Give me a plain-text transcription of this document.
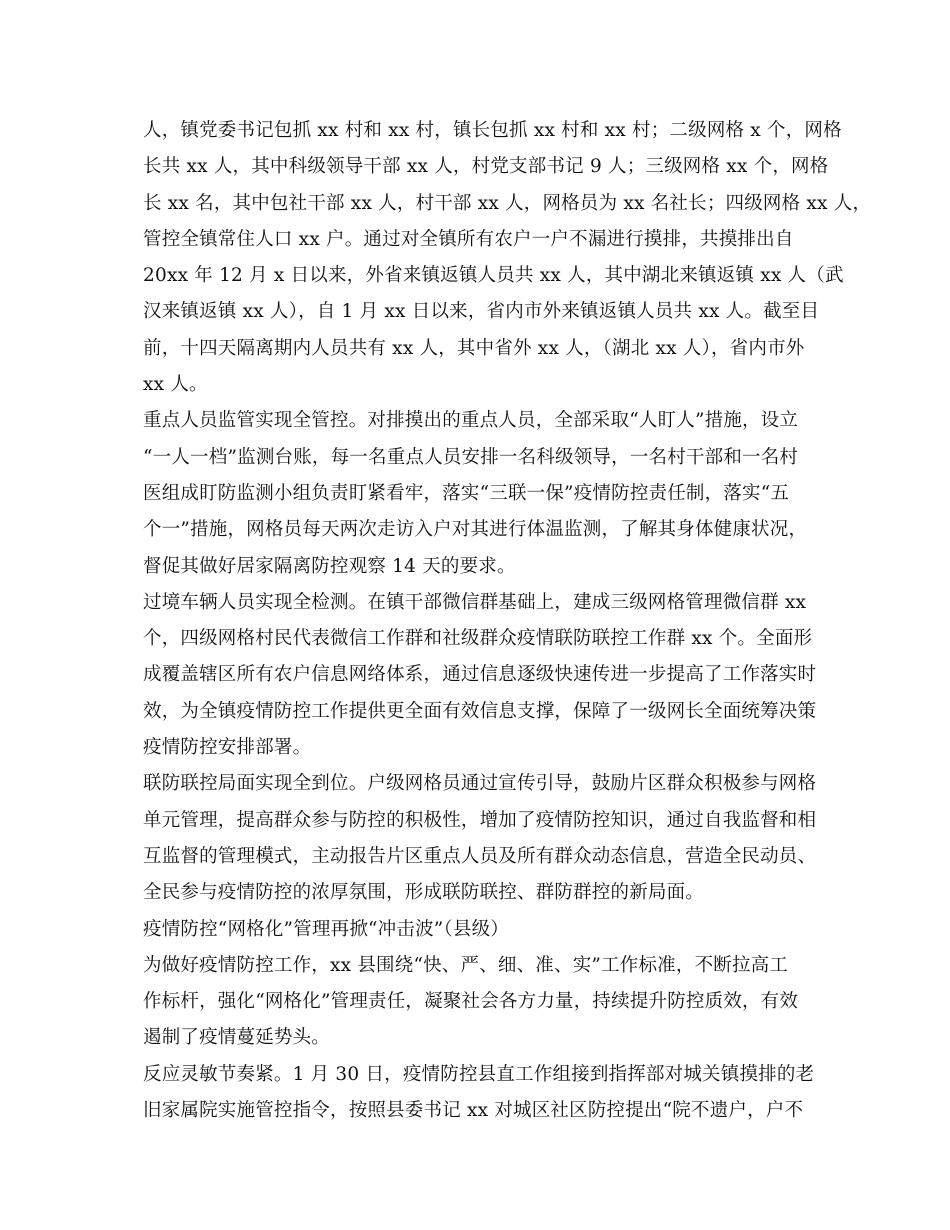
人，镇党委书记包抓 xx 村和 xx 村，镇长包抓 xx 村和 xx 村；二级网格 x 个，网格
长共 xx 人，其中科级领导干部 xx 人，村党支部书记 9 人；三级网格 xx 个，网格
长 xx 名，其中包社干部 xx 人，村干部 xx 人，网格员为 xx 名社长；四级网格 xx 人，
管控全镇常住人口 xx 户。通过对全镇所有农户一户不漏进行摸排，共摸排出自
20xx 年 12 月 x 日以来，外省来镇返镇人员共 xx 人，其中湖北来镇返镇 xx 人（武
汉来镇返镇 xx 人），自 1 月 xx 日以来，省内市外来镇返镇人员共 xx 人。截至目
前，十四天隔离期内人员共有 xx 人，其中省外 xx 人，（湖北 xx 人），省内市外
xx 人。
重点人员监管实现全管控。对排摸出的重点人员，全部采取“人盯人”措施，设立
“一人一档”监测台账，每一名重点人员安排一名科级领导，一名村干部和一名村
医组成盯防监测小组负责盯紧看牢，落实“三联一保”疫情防控责任制，落实“五
个一”措施，网格员每天两次走访入户对其进行体温监测，了解其身体健康状况，
督促其做好居家隔离防控观察 14 天的要求。
过境车辆人员实现全检测。在镇干部微信群基础上，建成三级网格管理微信群 xx
个，四级网格村民代表微信工作群和社级群众疫情联防联控工作群 xx 个。全面形
成覆盖辖区所有农户信息网络体系，通过信息逐级快速传进一步提高了工作落实时
效，为全镇疫情防控工作提供更全面有效信息支撑，保障了一级网长全面统筹决策
疫情防控安排部署。
联防联控局面实现全到位。户级网格员通过宣传引导，鼓励片区群众积极参与网格
单元管理，提高群众参与防控的积极性，增加了疫情防控知识，通过自我监督和相
互监督的管理模式，主动报告片区重点人员及所有群众动态信息，营造全民动员、
全民参与疫情防控的浓厚氛围，形成联防联控、群防群控的新局面。
疫情防控“网格化”管理再掀“冲击波”（县级）
为做好疫情防控工作，xx 县围绕“快、严、细、准、实”工作标准，不断拉高工
作标杆，强化“网格化”管理责任，凝聚社会各方力量，持续提升防控质效，有效
遏制了疫情蔓延势头。
反应灵敏节奏紧。1 月 30 日，疫情防控县直工作组接到指挥部对城关镇摸排的老
旧家属院实施管控指令，按照县委书记 xx 对城区社区防控提出“院不遗户，户不
